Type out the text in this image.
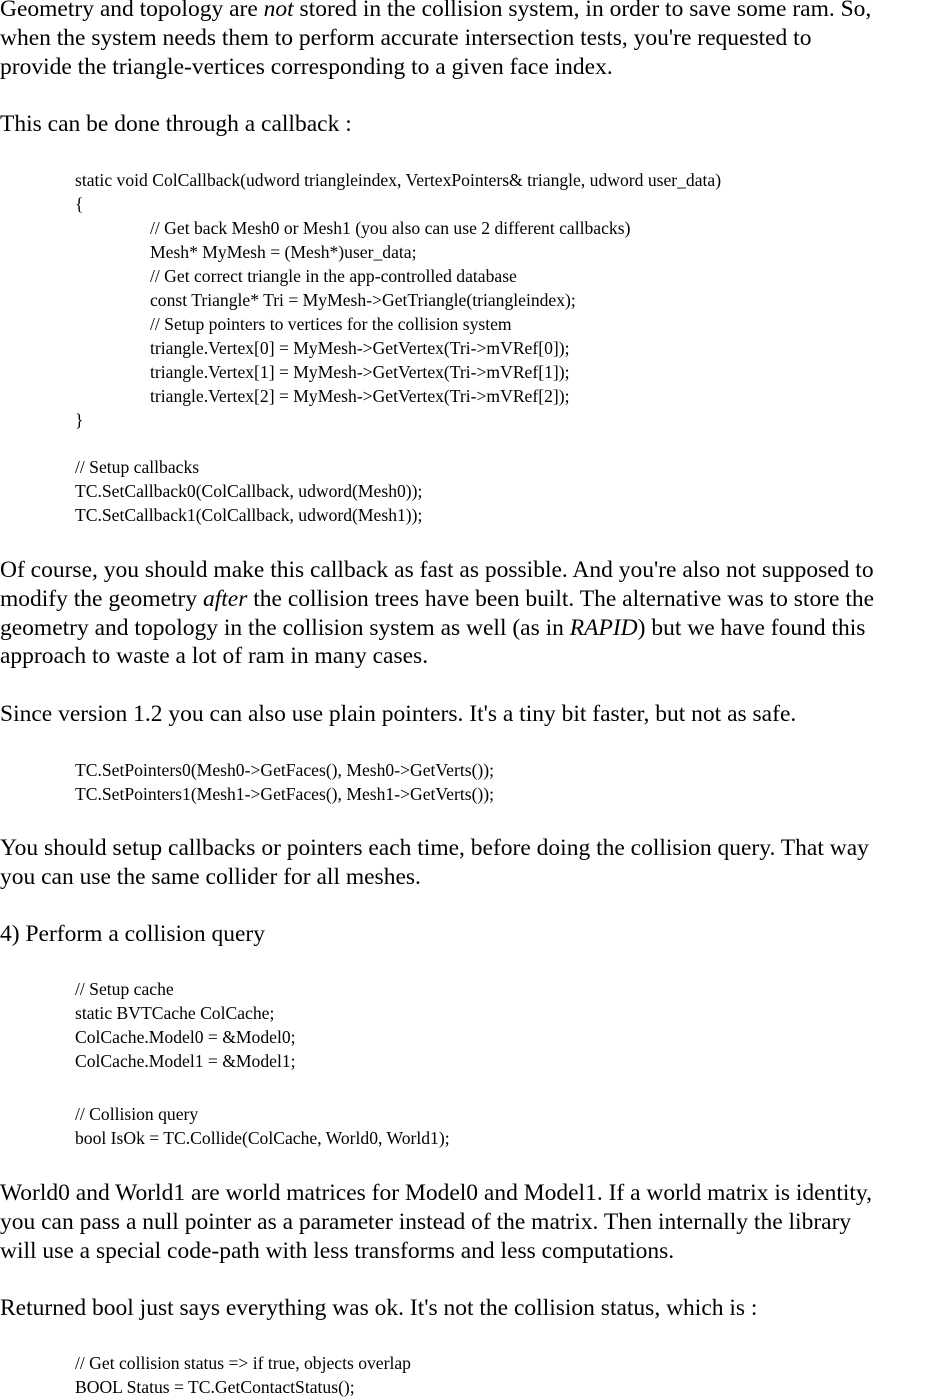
Geometry and topology are not stored in the collision system, in order to save some ram. So,
when the system needs them to perform accurate intersection tests, you're requested to
provide the triangle-vertices corresponding to a given face index.

This can be done through a callback :

static void ColCallback(udword triangleindex, VertexPointers& triangle, udword user_data)
{
// Get back Mesh0 or Mesh1 (you also can use 2 different callbacks)
Mesh* MyMesh = (Mesh*)user_data;
// Get correct triangle in the app-controlled database
const Triangle* Tri = MyMesh->GetTriangle(triangleindex);
// Setup pointers to vertices for the collision system
triangle.Vertex[0] = MyMesh->GetVertex(Tri->mVRef[0]);
triangle.Vertex[1] = MyMesh->GetVertex(Tri->mVRef[1]);
triangle.Vertex[2] = MyMesh->GetVertex(Tri->mVRef[2]);
}
// Setup callbacks
TC.SetCallback0(ColCallback, udword(Mesh0));
TC.SetCallback1(ColCallback, udword(Mesh1));

Of course, you should make this callback as fast as possible. And you're also not supposed to
modify the geometry after the collision trees have been built. The alternative was to store the
geometry and topology in the collision system as well (as in RAPID) but we have found this
approach to waste a lot of ram in many cases.

Since version 1.2 you can also use plain pointers. It's a tiny bit faster, but not as safe.

TC.SetPointers0(Mesh0->GetFaces(), Mesh0->GetVerts());
TC.SetPointers1(Mesh1->GetFaces(), Mesh1->GetVerts());

You should setup callbacks or pointers each time, before doing the collision query. That way
you can use the same collider for all meshes.

4) Perform a collision query

// Setup cache
static BVTCache ColCache;
ColCache.Model0 = &Model0;
ColCache.Model1 = &Model1;
// Collision query
bool IsOk = TC.Collide(ColCache, World0, World1);

World0 and World1 are world matrices for Model0 and Model1. If a world matrix is identity,
you can pass a null pointer as a parameter instead of the matrix. Then internally the library
will use a special code-path with less transforms and less computations.

Returned bool just says everything was ok. It's not the collision status, which is :

// Get collision status => if true, objects overlap
BOOL Status = TC.GetContactStatus();
